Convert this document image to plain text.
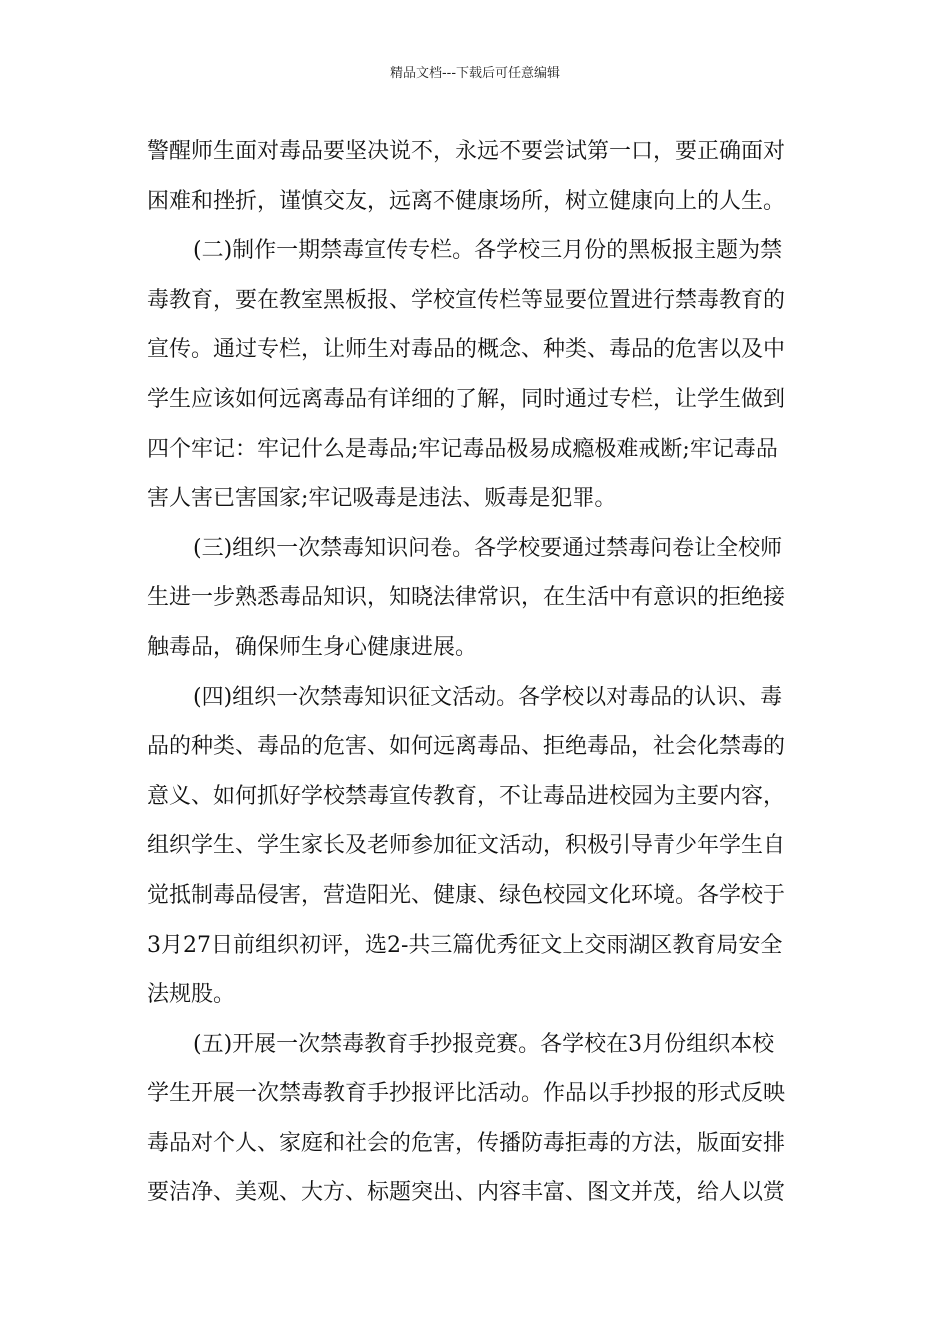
精品文档---下载后可任意编辑
警醒师生面对毒品要坚决说不，永远不要尝试第一口，要正确面对
困难和挫折，谨慎交友，远离不健康场所，树立健康向上的人生。
(二)制作一期禁毒宣传专栏。各学校三月份的黑板报主题为禁
毒教育，要在教室黑板报、学校宣传栏等显要位置进行禁毒教育的
宣传。通过专栏，让师生对毒品的概念、种类、毒品的危害以及中
学生应该如何远离毒品有详细的了解，同时通过专栏，让学生做到
四个牢记：牢记什么是毒品;牢记毒品极易成瘾极难戒断;牢记毒品
害人害已害国家;牢记吸毒是违法、贩毒是犯罪。
(三)组织一次禁毒知识问卷。各学校要通过禁毒问卷让全校师
生进一步熟悉毒品知识，知晓法律常识，在生活中有意识的拒绝接
触毒品，确保师生身心健康进展。
(四)组织一次禁毒知识征文活动。各学校以对毒品的认识、毒
品的种类、毒品的危害、如何远离毒品、拒绝毒品，社会化禁毒的
意义、如何抓好学校禁毒宣传教育，不让毒品进校园为主要内容，
组织学生、学生家长及老师参加征文活动，积极引导青少年学生自
觉抵制毒品侵害，营造阳光、健康、绿色校园文化环境。各学校于
3月27日前组织初评，选2-共三篇优秀征文上交雨湖区教育局安全
法规股。
(五)开展一次禁毒教育手抄报竞赛。各学校在3月份组织本校
学生开展一次禁毒教育手抄报评比活动。作品以手抄报的形式反映
毒品对个人、家庭和社会的危害，传播防毒拒毒的方法，版面安排
要洁净、美观、大方、标题突出、内容丰富、图文并茂，给人以赏
